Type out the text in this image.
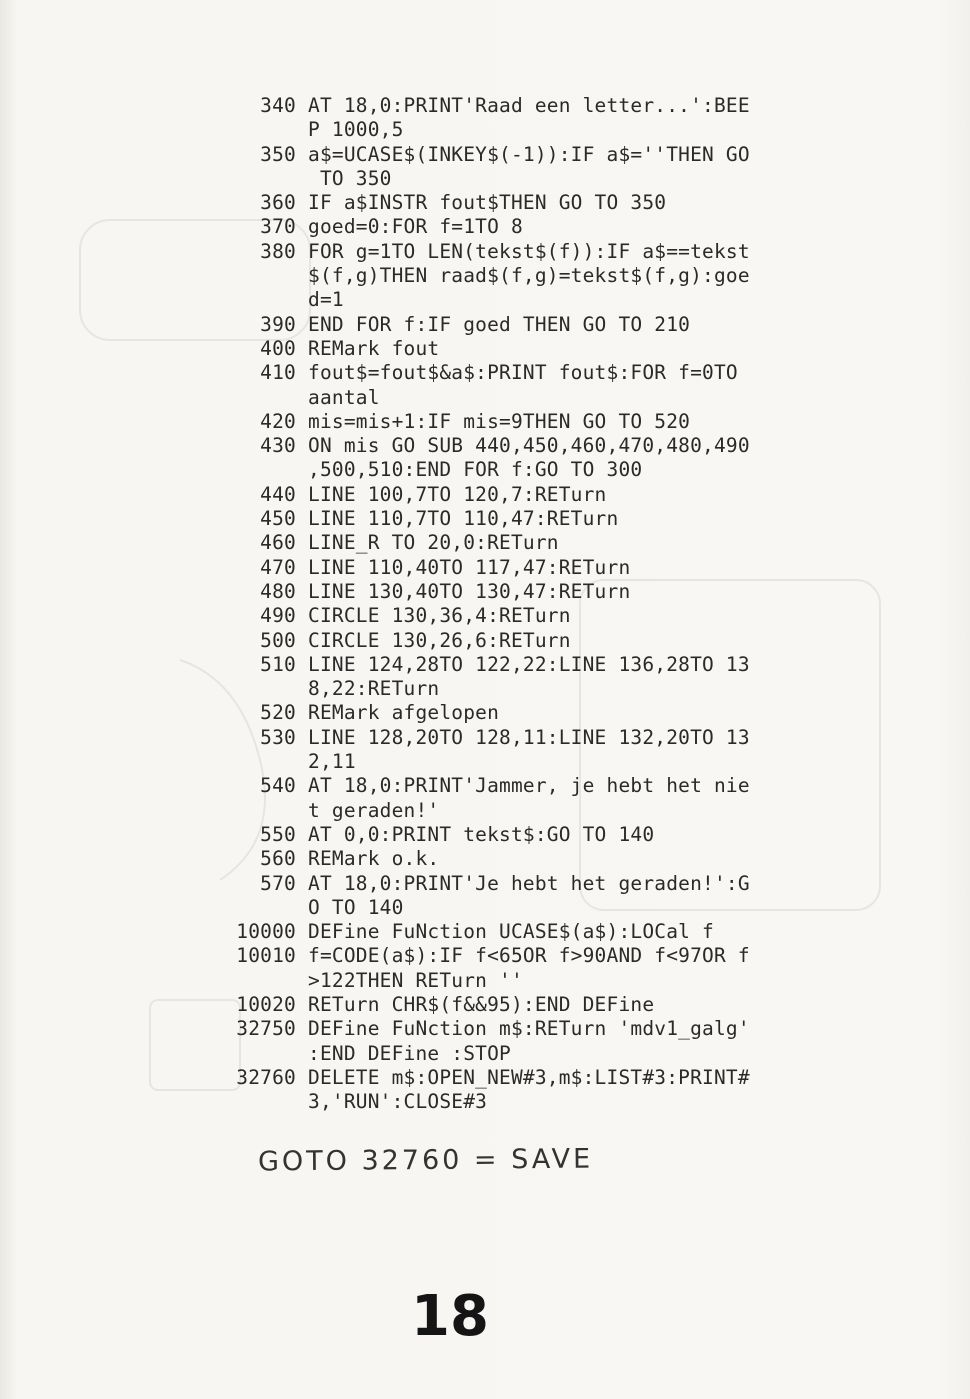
340 AT 18,0:PRINT'Raad een letter...':BEE
P 1000,5
350 a$=UCASE$(INKEY$(-1)):IF a$=''THEN GO
TO 350
360 IF a$INSTR fout$THEN GO TO 350
370 goed=0:FOR f=1TO 8
380 FOR g=1TO LEN(tekst$(f)):IF a$==tekst
$(f,g)THEN raad$(f,g)=tekst$(f,g):goe
d=1
390 END FOR f:IF goed THEN GO TO 210
400 REMark fout
410 fout$=fout$&a$:PRINT fout$:FOR f=0TO
aantal
420 mis=mis+1:IF mis=9THEN GO TO 520
430 ON mis GO SUB 440,450,460,470,480,490
,500,510:END FOR f:GO TO 300
440 LINE 100,7TO 120,7:RETurn
450 LINE 110,7TO 110,47:RETurn
460 LINE_R TO 20,0:RETurn
470 LINE 110,40TO 117,47:RETurn
480 LINE 130,40TO 130,47:RETurn
490 CIRCLE 130,36,4:RETurn
500 CIRCLE 130,26,6:RETurn
510 LINE 124,28TO 122,22:LINE 136,28TO 13
8,22:RETurn
520 REMark afgelopen
530 LINE 128,20TO 128,11:LINE 132,20TO 13
2,11
540 AT 18,0:PRINT'Jammer, je hebt het nie
t geraden!'
550 AT 0,0:PRINT tekst$:GO TO 140
560 REMark o.k.
570 AT 18,0:PRINT'Je hebt het geraden!':G
O TO 140
10000 DEFine FuNction UCASE$(a$):LOCal f
10010 f=CODE(a$):IF f<65OR f>90AND f<97OR f
>122THEN RETurn ''
10020 RETurn CHR$(f&&95):END DEFine
32750 DEFine FuNction m$:RETurn 'mdv1_galg'
:END DEFine :STOP
32760 DELETE m$:OPEN_NEW#3,m$:LIST#3:PRINT#
3,'RUN':CLOSE#3
GOTO 32760 = SAVE
18
